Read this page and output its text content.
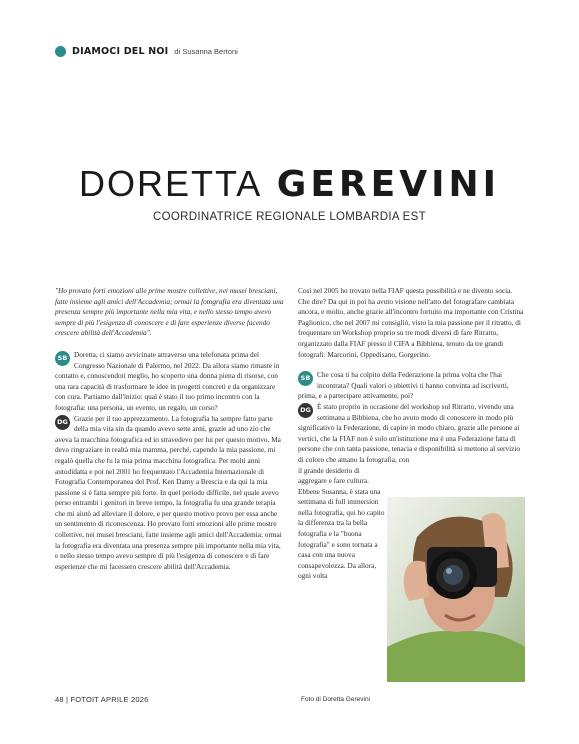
DIAMOCI DEL NOI di Susanna Bertoni
DORETTA GEREVINI
COORDINATRICE REGIONALE LOMBARDIA EST

"Ho provato forti emozioni alle prime mostre collettive, nei musei bresciani, fatte insieme agli amici dell'Accademia; ormai la fotografia era diventata una presenza sempre più importante nella mia vita, e nello stesso tempo avevo sempre di più l'esigenza di conoscere e di fare esperienze diverse facendo crescere abilità dell'Accademia".

SB Doretta, ci siamo avvicinate attraverso una telefonata prima del Congresso Nazionale di Palermo, nel 2022. Da allora siamo rimaste in contatto e, conoscendoti meglio, ho scoperto una donna piena di risorse, con una rara capacità di trasformare le idee in progetti concreti e da organizzare con cura. Partiamo dall'inizio: qual è stato il tuo primo incontro con la fotografia: una persona, un evento, un regalo, un corso?

DG Grazie per il tuo apprezzamento. La fotografia ha sempre fatto parte della mia vita sin da quando avevo sette anni, grazie ad uno zio che aveva la macchina fotografica ed io stravedevo per lui per questo motivo. Ma devo ringraziare in realtà mia mamma, perché, capendo la mia passione, mi regalò quella che fu la mia prima macchina fotografica. Per molti anni autodidatta e poi nel 2001 ho frequentato l'Accademia Internazionale di Fotografia Contemporanea del Prof. Ken Damy a Brescia e da qui la mia passione si è fatta sempre più forte. In quel periodo difficile, nel quale avevo perso entrambi i genitori in breve tempo, la fotografia fu una grande terapia che mi aiutò ad alleviare il dolore, e per questo motivo provo per essa anche un sentimento di riconoscenza. Ho provato forti emozioni alle prime mostre collettive, nei musei bresciani, fatte insieme agli amici dell'Accademia; ormai la fotografia era diventata una presenza sempre più importante nella mia vita, e nello stesso tempo avevo sempre di più l'esigenza di conoscere e di fare esperienze che mi facessero crescere abilità dell'Accademia.

Così nel 2005 ho trovato nella FIAF questa possibilità e ne divento socia. Che dire? Da qui in poi ha avuto visione nell'atto del fotografare cambiata ancora, e molto, anche grazie all'incontro fortuito ma importante con Cristina Paglionico, che nel 2007 mi consigliò, visto la mia passione per il ritratto, di frequentare un Workshop proprio su tre modi diversi di fare Ritratto, organizzato dalla FIAF presso il CIFA a Bibbiena, tenuto da tre grandi fotografi: Marcorini, Oppedisano, Gorgerino.

SB Che cosa ti ha colpito della Federazione la prima volta che l'hai incontrata? Quali valori o obiettivi ti hanno convinta ad iscriverti, prima, e a partecipare attivamente, poi?

DG È stato proprio in occasione del workshop sul Ritratto, vivendo una settimana a Bibbiena, che ho avuto modo di conoscere in modo più significativo la Federazione, di capire in modo chiaro, grazie alle persone ai vertici, che la FIAF non è solo un'istituzione ma è una Federazione fatta di persone che con tanta passione, tenacia e disponibilità si mettono al servizio di coloro che amano la fotografia, con

il grande desiderio di aggregare e fare cultura. Ebbene Susanna, è stata una settimana di full immersion nella fotografia, qui ho capito la differenza tra la bella fotografia e la "buona fotografia" e sono tornata a casa con una nuova consapevolezza. Da allora, ogni volta

Foto di Doretta Gerevini
48 | FOTOIT APRILE 2026
